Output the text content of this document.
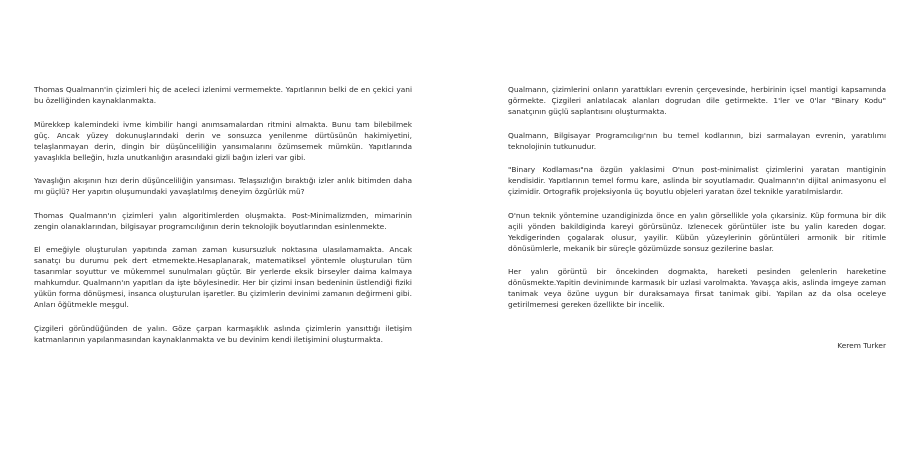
Thomas Qualmann'in çizimleri hiç de aceleci izlenimi vermemekte. Yapıtlarının belki de en çekici yani bu özelliğinden kaynaklanmakta.

Mürekkep kalemindeki ivme kimbilir hangi anımsamalardan ritmini almakta. Bunu tam bilebilmek güç. Ancak yüzey dokunuşlarındaki derin ve sonsuzca yenilenme dürtüsünün hakimiyetini, telaşlanmayan derin, dingin bir düşünceliliğin yansımalarını özümsemek mümkün. Yapıtlarında yavaşlıkla belleğin, hızla unutkanlığın arasındaki gizli bağın izleri var gibi.

Yavaşlığın akışının hızı derin düşünceliliğin yansıması. Telaşsızlığın bıraktığı izler anlık bitimden daha mı güçlü? Her yapıtın oluşumundaki yavaşlatılmış deneyim özgürlük mü?

Thomas Qualmann'ın çizimleri yalın algoritimlerden oluşmakta. Post-Minimalizmden, mimarinin zengin olanaklarından, bilgisayar programcılığının derin teknolojik boyutlarından esinlenmekte.

El emeğiyle oluşturulan yapıtında zaman zaman kusursuzluk noktasına ulasılamamakta. Ancak sanatçı bu durumu pek dert etmemekte.Hesaplanarak, matematiksel yöntemle oluşturulan tüm tasarımlar soyuttur ve mükemmel sunulmaları güçtür. Bir yerlerde eksik birseyler daima kalmaya mahkumdur. Qualmann'ın yapıtları da işte böylesinedir. Her bir çizimi insan bedeninin üstlendiği fiziki yükün forma dönüşmesi, insanca oluşturulan işaretler. Bu çizimlerin devinimi zamanın değirmeni gibi. Anları öğütmekle meşgul.

Çizgileri göründüğünden de yalın. Göze çarpan karmaşıklık aslında çizimlerin yansıttığı iletişim katmanlarının yapılanmasından kaynaklanmakta ve bu devinim kendi iletişimini oluşturmakta.

Qualmann, çizimlerini onların yarattıkları evrenin çerçevesinde, herbirinin içsel mantigi kapsamında görmekte. Çizgileri anlatılacak alanları dogrudan dile getirmekte. 1'ler ve 0'lar "Binary Kodu" sanatçının güçlü saplantısını oluşturmakta.

Qualmann, Bilgisayar Programcılıgı'nın bu temel kodlarının, bizi sarmalayan evrenin, yaratılımı teknolojinin tutkunudur.

"Binary Kodlaması"na özgün yaklasimi O'nun post-minimalist çizimlerini yaratan mantiginin kendisidir. Yapıtlarının temel formu kare, aslinda bir soyutlamadır. Qualmann'ın dijital animasyonu el çizimidir. Ortografik projeksiyonla üç boyutlu objeleri yaratan özel teknikle yaratılmislardır.

O'nun teknik yöntemine uzandiginizda önce en yalın görsellikle yola çıkarsiniz. Küp formuna bir dik açili yönden bakildiginda kareyi görürsünüz. Izlenecek görüntüler iste bu yalin kareden dogar. Yekdigerinden çogalarak olusur, yayilir. Kübün yüzeylerinin görüntüleri armonik bir ritimle dönüsümlerle, mekanik bir süreçle gözümüzde sonsuz gezilerine baslar.

Her yalın görüntü bir öncekinden dogmakta, hareketi pesinden gelenlerin hareketine dönüsmekte.Yapitin devinimınde karmasık bir uzlasi varolmakta. Yavaşça akis, aslinda imgeye zaman tanimak veya özüne uygun bir duraksamaya firsat tanimak gibi. Yapilan az da olsa oceleye getirilmemesi gereken özellikte bir incelik.

Kerem Turker
